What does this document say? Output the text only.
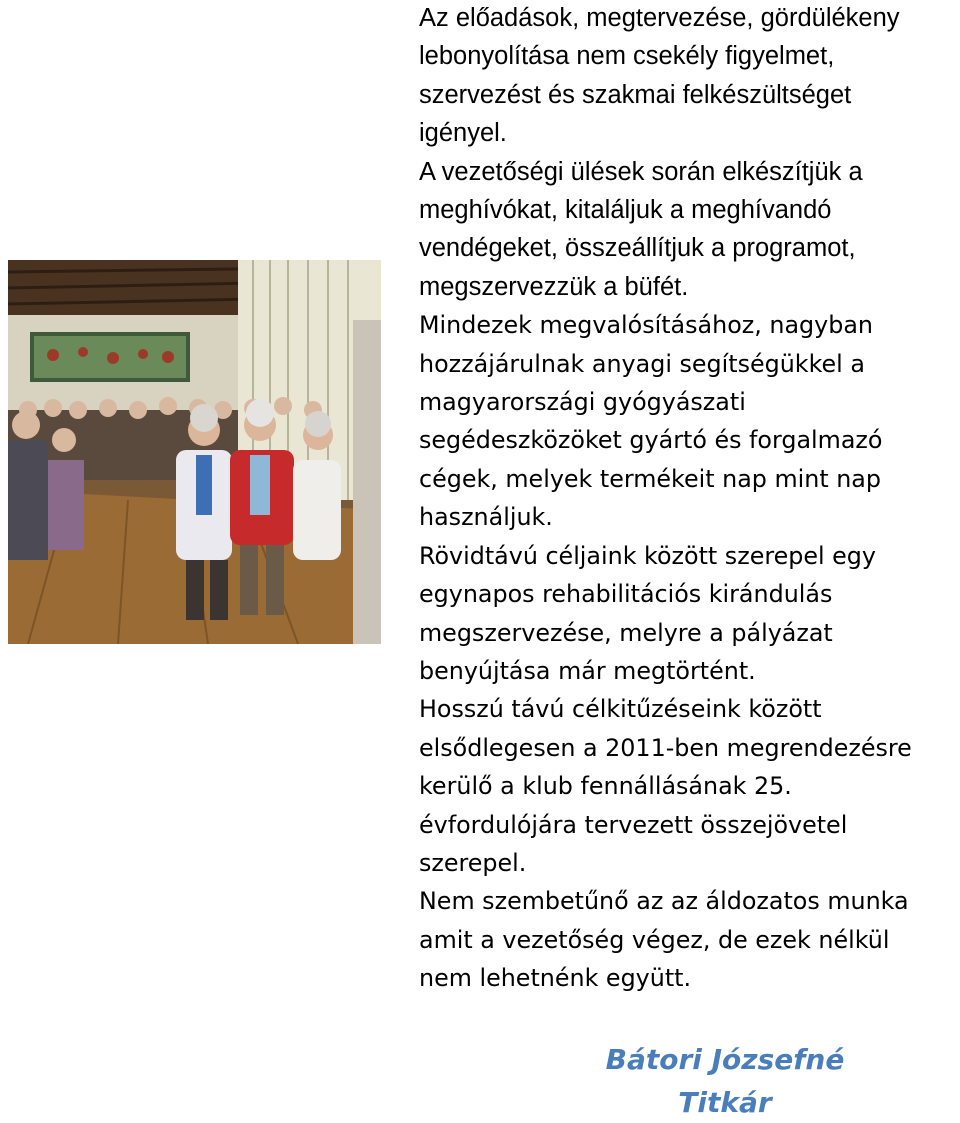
Az előadások, megtervezése, gördülékeny
lebonyolítása nem csekély figyelmet,
szervezést és szakmai felkészültséget
igényel.
A vezetőségi ülések során elkészítjük a
meghívókat, kitaláljuk a meghívandó
vendégeket, összeállítjuk a programot,
megszervezzük a büfét.
Mindezek megvalósításához, nagyban
hozzájárulnak anyagi segítségükkel a
magyarországi gyógyászati
segédeszközöket gyártó és forgalmazó
cégek, melyek termékeit nap mint nap
használjuk.
Rövidtávú céljaink között szerepel egy
egynapos rehabilitációs kirándulás
megszervezése, melyre a pályázat
benyújtása már megtörtént.
Hosszú távú célkitűzéseink között
elsődlegesen a 2011-ben megrendezésre
kerülő a klub fennállásának 25.
évfordulójára tervezett összejövetel
szerepel.
Nem szembetűnő az az áldozatos munka
amit a vezetőség végez, de ezek nélkül
nem lehetnénk együtt.
Bátori Józsefné
Titkár
